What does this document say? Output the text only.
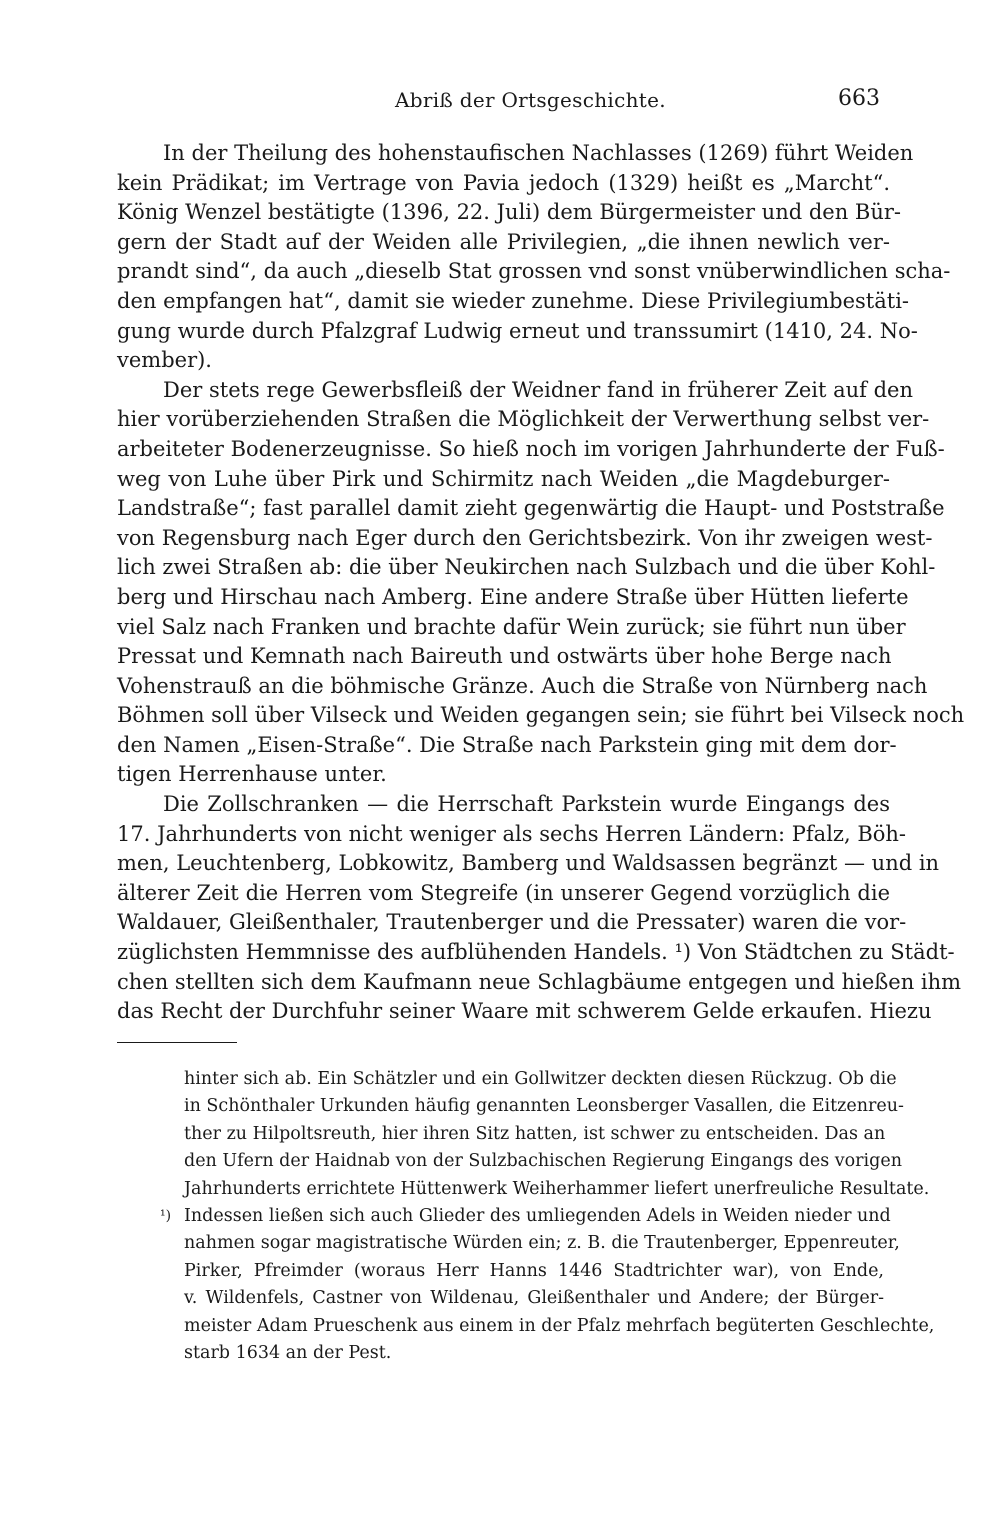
Abriß der Ortsgeschichte.	663
In der Theilung des hohenstaufischen Nachlasses (1269) führt Weiden
kein Prädikat; im Vertrage von Pavia jedoch (1329) heißt es „Marcht“.
König Wenzel bestätigte (1396, 22. Juli) dem Bürgermeister und den Bür-
gern der Stadt auf der Weiden alle Privilegien, „die ihnen newlich ver-
prandt sind“, da auch „dieselb Stat grossen vnd sonst vnüberwindlichen scha-
den empfangen hat“, damit sie wieder zunehme. Diese Privilegiumbestäti-
gung wurde durch Pfalzgraf Ludwig erneut und transsumirt (1410, 24. No-
vember).
Der stets rege Gewerbsfleiß der Weidner fand in früherer Zeit auf den
hier vorüberziehenden Straßen die Möglichkeit der Verwerthung selbst ver-
arbeiteter Bodenerzeugnisse. So hieß noch im vorigen Jahrhunderte der Fuß-
weg von Luhe über Pirk und Schirmitz nach Weiden „die Magdeburger-
Landstraße“; fast parallel damit zieht gegenwärtig die Haupt- und Poststraße
von Regensburg nach Eger durch den Gerichtsbezirk. Von ihr zweigen west-
lich zwei Straßen ab: die über Neukirchen nach Sulzbach und die über Kohl-
berg und Hirschau nach Amberg. Eine andere Straße über Hütten lieferte
viel Salz nach Franken und brachte dafür Wein zurück; sie führt nun über
Pressat und Kemnath nach Baireuth und ostwärts über hohe Berge nach
Vohenstrauß an die böhmische Gränze. Auch die Straße von Nürnberg nach
Böhmen soll über Vilseck und Weiden gegangen sein; sie führt bei Vilseck noch
den Namen „Eisen-Straße“. Die Straße nach Parkstein ging mit dem dor-
tigen Herrenhause unter.
Die Zollschranken — die Herrschaft Parkstein wurde Eingangs des
17. Jahrhunderts von nicht weniger als sechs Herren Ländern: Pfalz, Böh-
men, Leuchtenberg, Lobkowitz, Bamberg und Waldsassen begränzt — und in
älterer Zeit die Herren vom Stegreife (in unserer Gegend vorzüglich die
Waldauer, Gleißenthaler, Trautenberger und die Pressater) waren die vor-
züglichsten Hemmnisse des aufblühenden Handels. ¹) Von Städtchen zu Städt-
chen stellten sich dem Kaufmann neue Schlagbäume entgegen und hießen ihm
das Recht der Durchfuhr seiner Waare mit schwerem Gelde erkaufen. Hiezu
hinter sich ab. Ein Schätzler und ein Gollwitzer deckten diesen Rückzug. Ob die
in Schönthaler Urkunden häufig genannten Leonsberger Vasallen, die Eitzenreu-
ther zu Hilpoltsreuth, hier ihren Sitz hatten, ist schwer zu entscheiden. Das an
den Ufern der Haidnab von der Sulzbachischen Regierung Eingangs des vorigen
Jahrhunderts errichtete Hüttenwerk Weiherhammer liefert unerfreuliche Resultate.
¹) Indessen ließen sich auch Glieder des umliegenden Adels in Weiden nieder und
nahmen sogar magistratische Würden ein; z. B. die Trautenberger, Eppenreuter,
Pirker, Pfreimder (woraus Herr Hanns 1446 Stadtrichter war), von Ende,
v. Wildenfels, Castner von Wildenau, Gleißenthaler und Andere; der Bürger-
meister Adam Prueschenk aus einem in der Pfalz mehrfach begüterten Geschlechte,
starb 1634 an der Pest.
